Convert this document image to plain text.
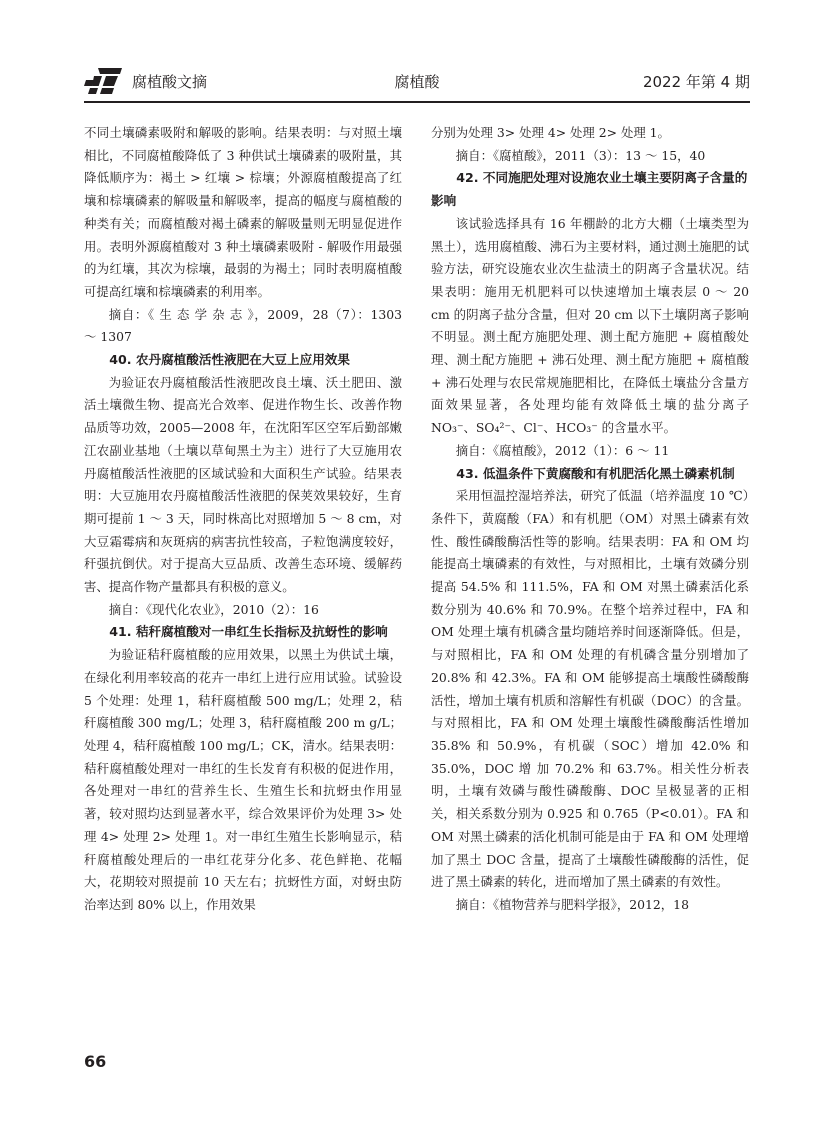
腐植酸文摘	腐植酸	2022 年第 4 期

不同土壤磷素吸附和解吸的影响。结果表明：与对照土壤相比，不同腐植酸降低了 3 种供试土壤磷素的吸附量，其降低顺序为：褐土 > 红壤 > 棕壤；外源腐植酸提高了红壤和棕壤磷素的解吸量和解吸率，提高的幅度与腐植酸的种类有关；而腐植酸对褐土磷素的解吸量则无明显促进作用。表明外源腐植酸对 3 种土壤磷素吸附 - 解吸作用最强的为红壤，其次为棕壤，最弱的为褐土；同时表明腐植酸可提高红壤和棕壤磷素的利用率。

摘自：《 生 态 学 杂 志 》，2009，28（7）：1303 ～ 1307

40. 农丹腐植酸活性液肥在大豆上应用效果

为验证农丹腐植酸活性液肥改良土壤、沃土肥田、激活土壤微生物、提高光合效率、促进作物生长、改善作物品质等功效，2005—2008 年，在沈阳军区空军后勤部嫩江农副业基地（土壤以草甸黑土为主）进行了大豆施用农丹腐植酸活性液肥的区域试验和大面积生产试验。结果表明：大豆施用农丹腐植酸活性液肥的保荚效果较好，生育期可提前 1 ～ 3 天，同时株高比对照增加 5 ～ 8 cm，对大豆霜霉病和灰斑病的病害抗性较高，子粒饱满度较好，秆强抗倒伏。对于提高大豆品质、改善生态环境、缓解药害、提高作物产量都具有积极的意义。

摘自：《现代化农业》，2010（2）：16

41. 秸秆腐植酸对一串红生长指标及抗蚜性的影响

为验证秸秆腐植酸的应用效果，以黑土为供试土壤，在绿化利用率较高的花卉一串红上进行应用试验。试验设 5 个处理：处理 1，秸秆腐植酸 500 mg/L；处理 2，秸秆腐植酸 300 mg/L；处理 3，秸秆腐植酸 200 m g/L；处理 4，秸秆腐植酸 100 mg/L；CK，清水。结果表明：秸秆腐植酸处理对一串红的生长发育有积极的促进作用，各处理对一串红的营养生长、生殖生长和抗蚜虫作用显著，较对照均达到显著水平，综合效果评价为处理 3> 处理 4> 处理 2> 处理 1。对一串红生殖生长影响显示，秸秆腐植酸处理后的一串红花芽分化多、花色鲜艳、花幅大，花期较对照提前 10 天左右；抗蚜性方面，对蚜虫防治率达到 80% 以上，作用效果

分别为处理 3> 处理 4> 处理 2> 处理 1。

摘自：《腐植酸》，2011（3）：13 ～ 15，40

42. 不同施肥处理对设施农业土壤主要阴离子含量的影响

该试验选择具有 16 年棚龄的北方大棚（土壤类型为黑土），选用腐植酸、沸石为主要材料，通过测土施肥的试验方法，研究设施农业次生盐渍土的阴离子含量状况。结果表明：施用无机肥料可以快速增加土壤表层 0 ～ 20 cm 的阴离子盐分含量，但对 20 cm 以下土壤阴离子影响不明显。测土配方施肥处理、测土配方施肥 + 腐植酸处理、测土配方施肥 + 沸石处理、测土配方施肥 + 腐植酸 + 沸石处理与农民常规施肥相比，在降低土壤盐分含量方面效果显著，各处理均能有效降低土壤的盐分离子 NO₃⁻、SO₄²⁻、Cl⁻、HCO₃⁻ 的含量水平。

摘自：《腐植酸》，2012（1）：6 ～ 11

43. 低温条件下黄腐酸和有机肥活化黑土磷素机制

采用恒温控湿培养法，研究了低温（培养温度 10 ℃）条件下，黄腐酸（FA）和有机肥（OM）对黑土磷素有效性、酸性磷酸酶活性等的影响。结果表明：FA 和 OM 均能提高土壤磷素的有效性，与对照相比，土壤有效磷分别提高 54.5% 和 111.5%，FA 和 OM 对黑土磷素活化系数分别为 40.6% 和 70.9%。在整个培养过程中，FA 和 OM 处理土壤有机磷含量均随培养时间逐渐降低。但是，与对照相比，FA 和 OM 处理的有机磷含量分别增加了 20.8% 和 42.3%。FA 和 OM 能够提高土壤酸性磷酸酶活性，增加土壤有机质和溶解性有机碳（DOC）的含量。与对照相比，FA 和 OM 处理土壤酸性磷酸酶活性增加 35.8% 和 50.9%，有机碳（SOC）增加 42.0% 和 35.0%，DOC 增 加 70.2% 和 63.7%。相关性分析表明，土壤有效磷与酸性磷酸酶、DOC 呈极显著的正相关，相关系数分别为 0.925 和 0.765（P<0.01）。FA 和 OM 对黑土磷素的活化机制可能是由于 FA 和 OM 处理增加了黑土 DOC 含量，提高了土壤酸性磷酸酶的活性，促进了黑土磷素的转化，进而增加了黑土磷素的有效性。

摘自：《植物营养与肥料学报》，2012，18

66
